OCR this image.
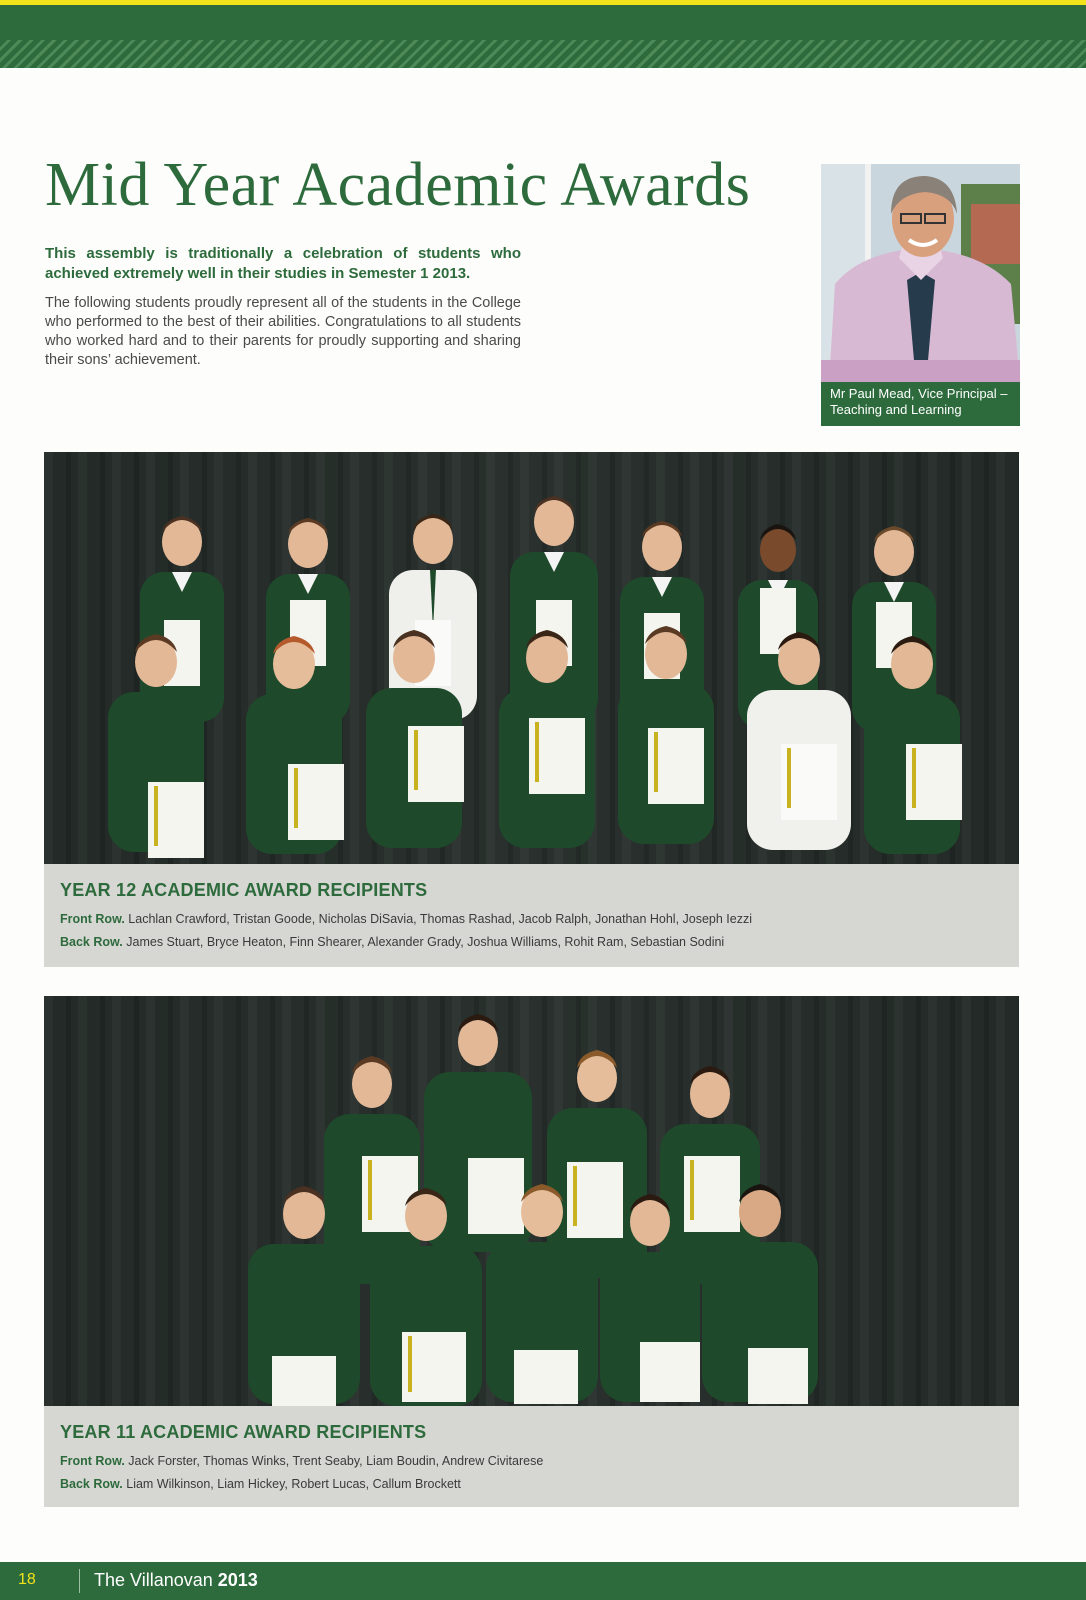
Mid Year Academic Awards
This assembly is traditionally a celebration of students who achieved extremely well in their studies in Semester 1 2013.
The following students proudly represent all of the students in the College who performed to the best of their abilities. Congratulations to all students who worked hard and to their parents for proudly supporting and sharing their sons’ achievement.
Mr Paul Mead, Vice Principal – Teaching and Learning
YEAR 12 ACADEMIC AWARD RECIPIENTS
Front Row. Lachlan Crawford, Tristan Goode, Nicholas DiSavia, Thomas Rashad, Jacob Ralph, Jonathan Hohl, Joseph Iezzi
Back Row. James Stuart, Bryce Heaton, Finn Shearer, Alexander Grady, Joshua Williams, Rohit Ram, Sebastian Sodini
YEAR 11 ACADEMIC AWARD RECIPIENTS
Front Row. Jack Forster, Thomas Winks, Trent Seaby, Liam Boudin, Andrew Civitarese
Back Row. Liam Wilkinson, Liam Hickey, Robert Lucas, Callum Brockett
18	The Villanovan 2013
